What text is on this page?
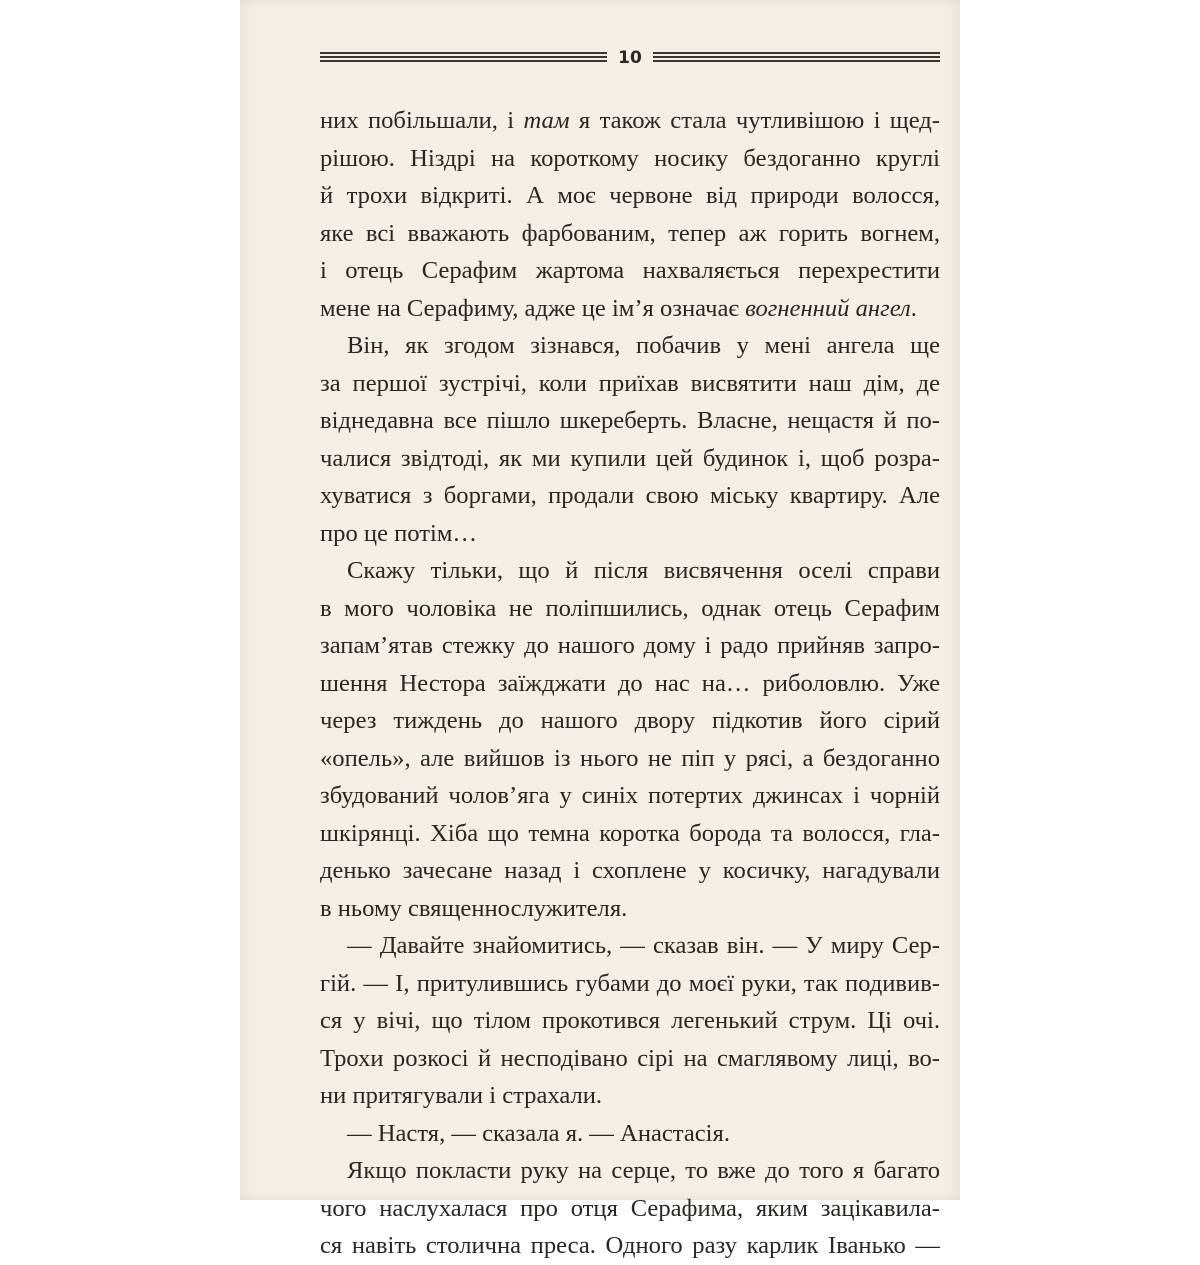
10
них побільшали, і там я також стала чутливішою і щед-
рішою. Ніздрі на короткому носику бездоганно круглі
й трохи відкриті. А моє червоне від природи волосся,
яке всі вважають фарбованим, тепер аж горить вогнем,
і отець Серафим жартома нахваляється перехрестити
мене на Серафиму, адже це ім’я означає вогненний ангел.
Він, як згодом зізнався, побачив у мені ангела ще
за першої зустрічі, коли приїхав висвятити наш дім, де
віднедавна все пішло шкереберть. Власне, нещастя й по-
чалися звідтоді, як ми купили цей будинок і, щоб розра-
хуватися з боргами, продали свою міську квартиру. Але
про це потім…
Скажу тільки, що й після висвячення оселі справи
в мого чоловіка не поліпшились, однак отець Серафим
запам’ятав стежку до нашого дому і радо прийняв запро-
шення Нестора заїжджати до нас на… риболовлю. Уже
через тиждень до нашого двору підкотив його сірий
«опель», але вийшов із нього не піп у рясі, а бездоганно
збудований чолов’яга у синіх потертих джинсах і чорній
шкірянці. Хіба що темна коротка борода та волосся, гла-
денько зачесане назад і схоплене у косичку, нагадували
в ньому священнослужителя.
— Давайте знайомитись, — сказав він. — У миру Сер-
гій. — І, притулившись губами до моєї руки, так подивив-
ся у вічі, що тілом прокотився легенький струм. Ці очі.
Трохи розкосі й несподівано сірі на смаглявому лиці, во-
ни притягували і страхали.
— Настя, — сказала я. — Анастасія.
Якщо покласти руку на серце, то вже до того я багато
чого наслухалася про отця Серафима, яким зацікавила-
ся навіть столична преса. Одного разу карлик Іванько —
